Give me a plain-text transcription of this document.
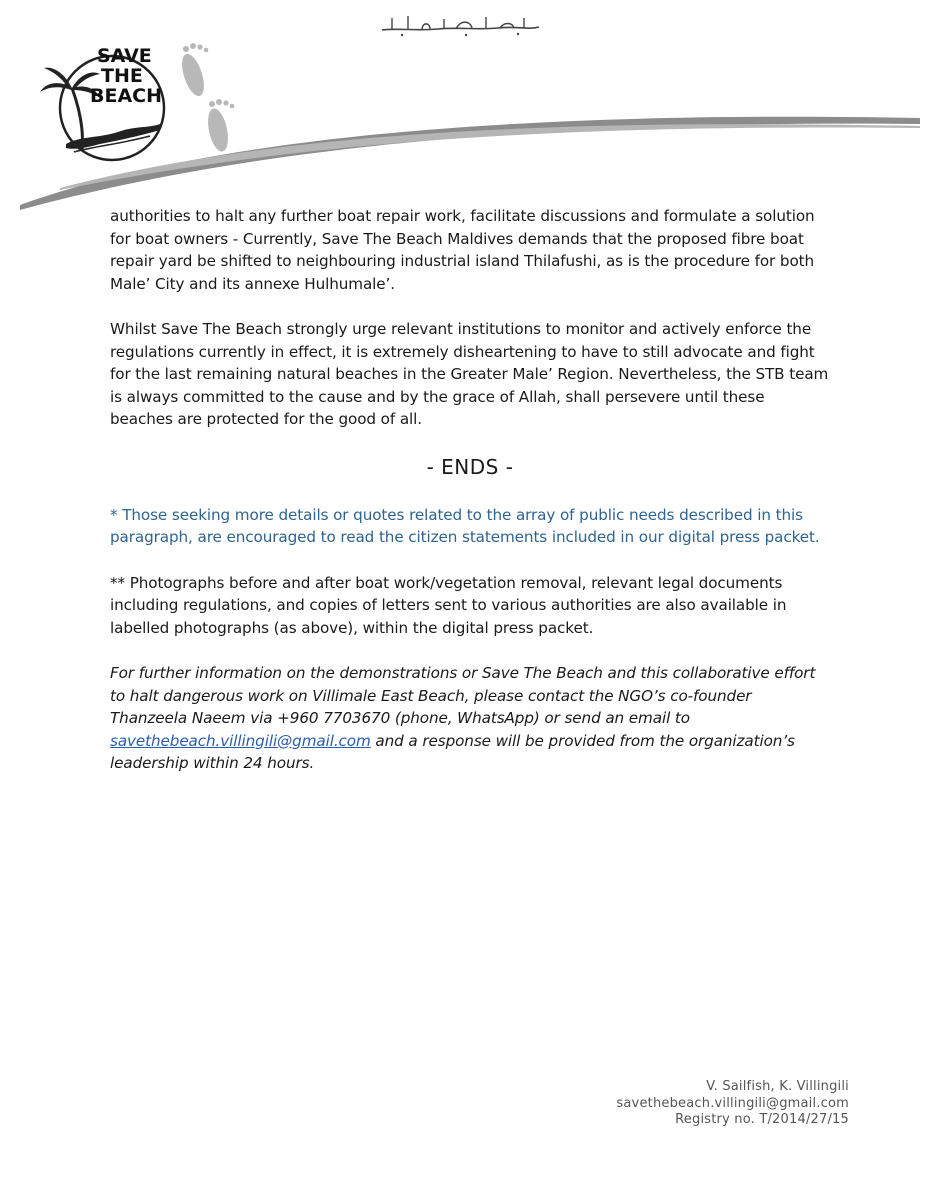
SAVE
THE
BEACH

authorities to halt any further boat repair work, facilitate discussions and formulate a solution for boat owners - Currently, Save The Beach Maldives demands that the proposed fibre boat repair yard be shifted to neighbouring industrial island Thilafushi, as is the procedure for both Male’ City and its annexe Hulhumale’.

Whilst Save The Beach strongly urge relevant institutions to monitor and actively enforce the regulations currently in effect, it is extremely disheartening to have to still advocate and fight for the last remaining natural beaches in the Greater Male’ Region. Nevertheless, the STB team is always committed to the cause and by the grace of Allah, shall persevere until these beaches are protected for the good of all.

- ENDS -

* Those seeking more details or quotes related to the array of public needs described in this paragraph, are encouraged to read the citizen statements included in our digital press packet.

** Photographs before and after boat work/vegetation removal, relevant legal documents including regulations, and copies of letters sent to various authorities are also available in labelled photographs (as above), within the digital press packet.

For further information on the demonstrations or Save The Beach and this collaborative effort to halt dangerous work on Villimale East Beach, please contact the NGO’s co-founder Thanzeela Naeem via +960 7703670 (phone, WhatsApp) or send an email to savethebeach.villingili@gmail.com and a response will be provided from the organization’s leadership within 24 hours.

V. Sailfish, K. Villingili
savethebeach.villingili@gmail.com
Registry no. T/2014/27/15
